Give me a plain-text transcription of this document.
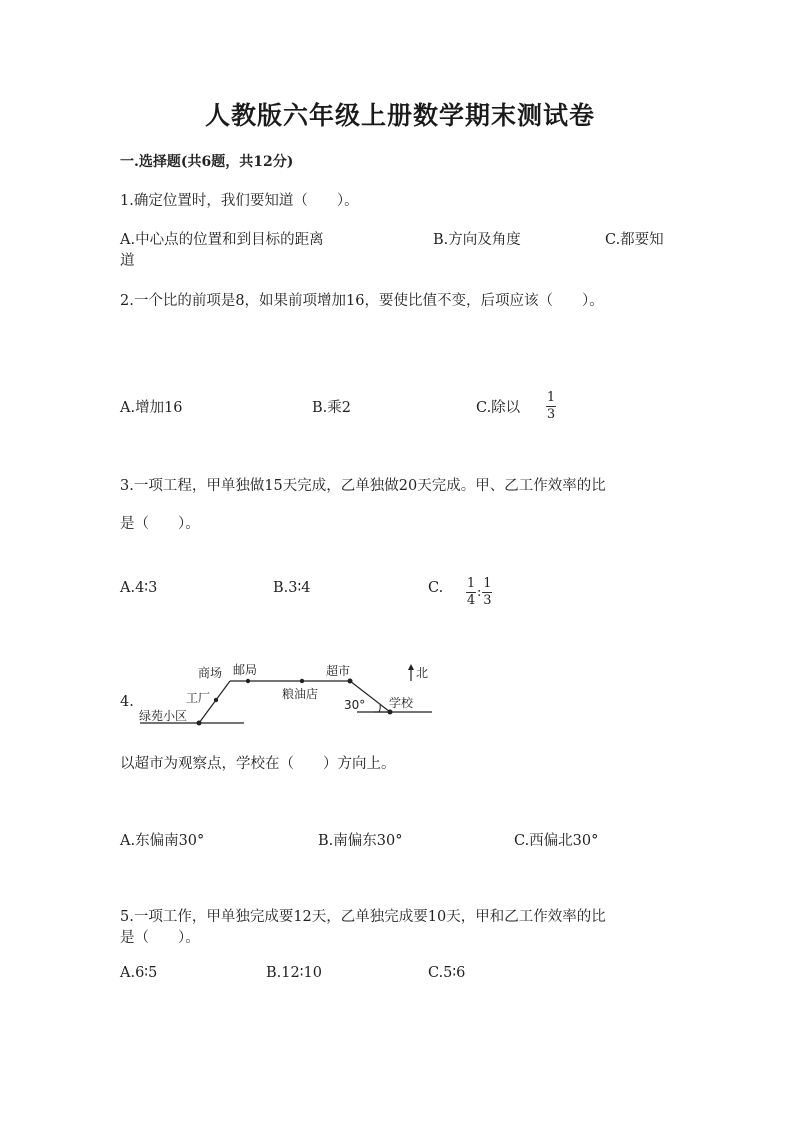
人教版六年级上册数学期末测试卷
一.选择题(共6题，共12分)
1.确定位置时，我们要知道（　　）。
A.中心点的位置和到目标的距离	B.方向及角度	C.都要知
道
2.一个比的前项是8，如果前项增加16，要使比值不变，后项应该（　　）。
A.增加16	B.乘2	C.除以 $\frac{1}{3}$
3.一项工程，甲单独做15天完成，乙单独做20天完成。甲、乙工作效率的比
是（　　）。
A.4∶3	B.3∶4	C. $\frac{1}{4}$ : $\frac{1}{3}$
4.
商场 邮局	超市	北
工厂	粮油店
30° 学校
绿苑小区
以超市为观察点，学校在（　　）方向上。
A.东偏南30°	B.南偏东30°	C.西偏北30°
5.一项工作，甲单独完成要12天，乙单独完成要10天，甲和乙工作效率的比
是（　　）。
A.6∶5	B.12∶10	C.5∶6
